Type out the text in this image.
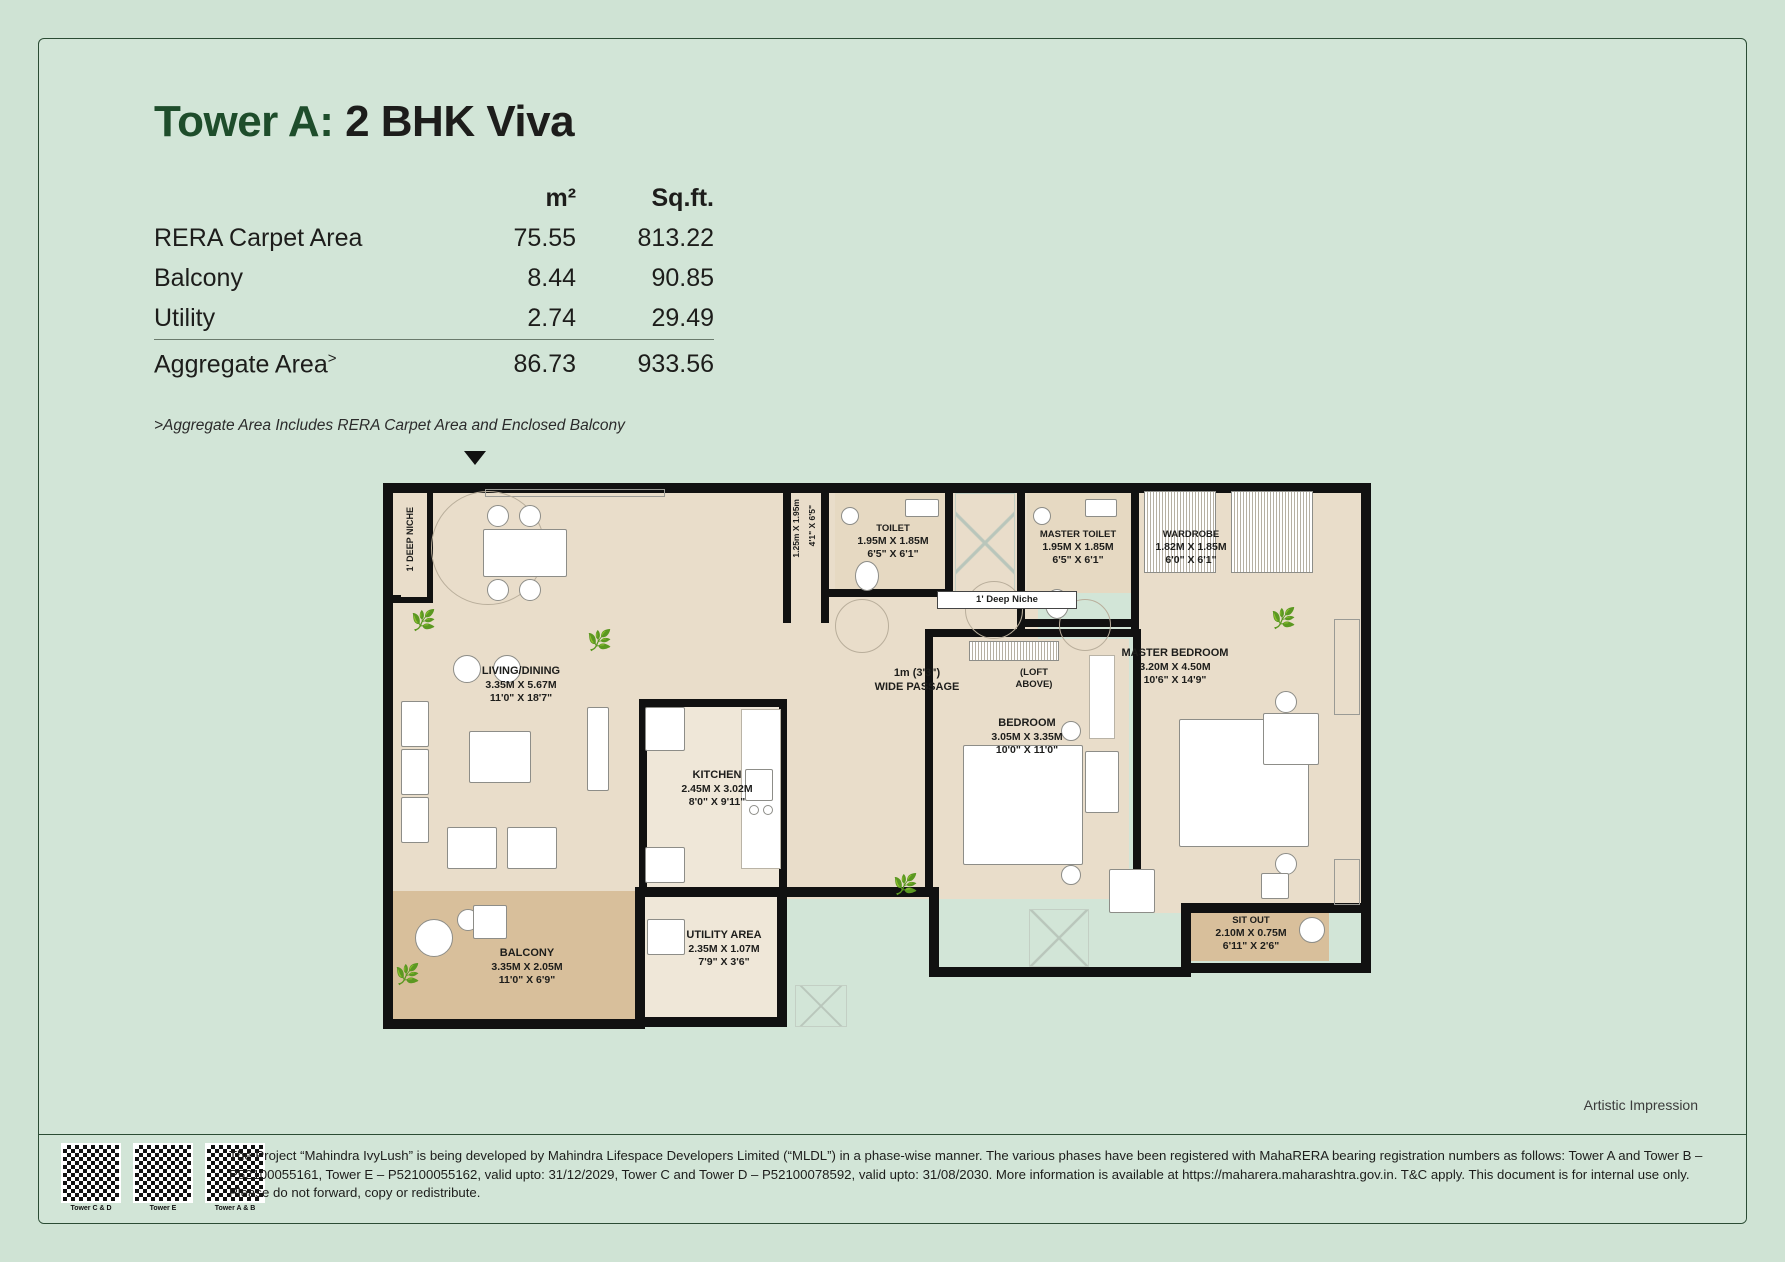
Tower A: 2 BHK Viva
	m²	Sq.ft.
RERA Carpet Area	75.55	813.22
Balcony	8.44	90.85
Utility	2.74	29.49
Aggregate Area>	86.73	933.56
>Aggregate Area Includes RERA Carpet Area and Enclosed Balcony
🌿
🌿
🌿
🌿
🌿
LIVING/DINING
3.35M X 5.67M
11'0" X 18'7"
KITCHEN
2.45M X 3.02M
8'0" X 9'11"
UTILITY AREA
2.35M X 1.07M
7'9" X 3'6"
BALCONY
3.35M X 2.05M
11'0" X 6'9"
TOILET
1.95M X 1.85M
6'5" X 6'1"
MASTER TOILET
1.95M X 1.85M
6'5" X 6'1"
WARDROBE
1.82M X 1.85M
6'0" X 6'1"
MASTER BEDROOM
3.20M X 4.50M
10'6" X 14'9"
BEDROOM
3.05M X 3.35M
10'0" X 11'0"
SIT OUT
2.10M X 0.75M
6'11" X 2'6"
1' DEEP NICHE	1.25m X 1.95m 4'1" X 6'5"
1' Deep Niche
1m (3'3")
WIDE PASSAGE
(LOFT
ABOVE)
Artistic Impression
Tower C & D	Tower E	Tower A & B
The Project “Mahindra IvyLush” is being developed by Mahindra Lifespace Developers Limited (“MLDL”) in a phase-wise manner. The various phases have been registered with MahaRERA bearing registration numbers as follows: Tower A and Tower B – P52100055161, Tower E – P52100055162, valid upto: 31/12/2029, Tower C and Tower D – P52100078592, valid upto: 31/08/2030. More information is available at https://maharera.maharashtra.gov.in. T&C apply. This document is for internal use only. Please do not forward, copy or redistribute.
